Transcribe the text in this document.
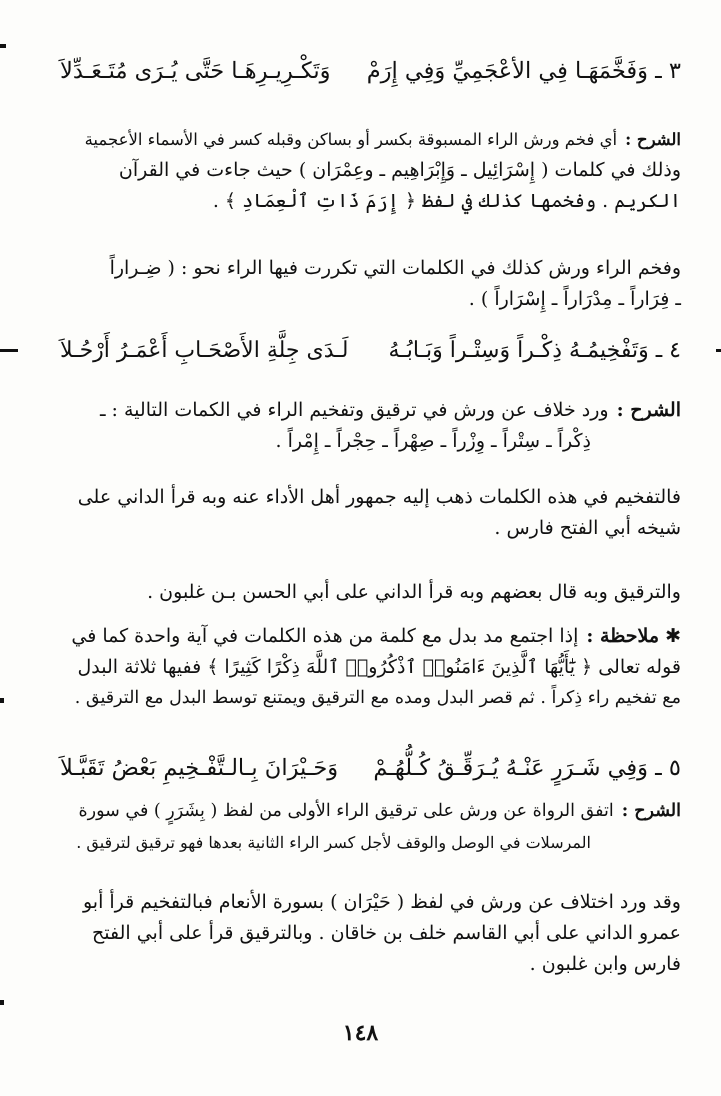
٣ ـ وَفَخَّمَهَـا فِي الأعْجَمِيِّ وَفِي إِرَمْ
وَتَكْـرِيـرِهَـا حَتَّى يُـرَى مُتَـعَـدِّلاَ
الشرح :أي فخم ورش الراء المسبوقة بكسر أو بساكن وقبله كسر في الأسماء الأعجمية
وذلك في كلمات ( إِسْرَائِيل ـ وَإِبْرَاهِيم ـ وعِمْرَان ) حيث جاءت في القرآن
الكريم . وفخمها كذلك في لفظ ﴿ إِرَمَ ذَاتِ ٱلْعِمَادِ ﴾ .
وفخم الراء ورش كذلك في الكلمات التي تكررت فيها الراء نحو : ( ضِـراراً
ـ فِرَاراً ـ مِدْرَاراً ـ إِسْرَاراً ) .
٤ ـ وَتَفْخِيمُـهُ ذِكْـراً وَسِتْـراً وَبَـابُـهُ
لَـدَى جِلَّةِ الأَصْحَـابِ أَعْمَـرُ أَرْحُـلاَ
الشرح :ورد خلاف عن ورش في ترقيق وتفخيم الراء في الكمات التالية : ـ
ذِكْراً ـ سِتْراً ـ وِزْراً ـ صِهْراً ـ حِجْراً ـ إِمْراً .
فالتفخيم في هذه الكلمات ذهب إليه جمهور أهل الأداء عنه وبه قرأ الداني على
شيخه أبي الفتح فارس .
والترقيق وبه قال بعضهم وبه قرأ الداني على أبي الحسن بـن غلبون .
✱ملاحظة :إذا اجتمع مد بدل مع كلمة من هذه الكلمات في آية واحدة كما في
قوله تعالى ﴿ يَٰٓأَيُّهَا ٱلَّذِينَ ءَامَنُوا۟ ٱذْكُرُوا۟ ٱللَّهَ ذِكْرًا كَثِيرًا ﴾ ففيها ثلاثة البدل
مع تفخيم راء ذِكراً . ثم قصر البدل ومده مع الترقيق ويمتنع توسط البدل مع الترقيق .
٥ ـ وَفِي شَـرَرٍ عَنْـهُ يُـرَقِّـقُ كُـلُّهُـمْ
وَحَـيْرَانَ بِـالـتَّفْـخِيمِ بَعْضُ تَقَبَّـلاَ
الشرح :اتفق الرواة عن ورش على ترقيق الراء الأولى من لفظ ( بِشَرَرٍ ) في سورة
المرسلات في الوصل والوقف لأجل كسر الراء الثانية بعدها فهو ترقيق لترقيق .
وقد ورد اختلاف عن ورش في لفظ ( حَيْرَان ) بسورة الأنعام فبالتفخيم قرأ أبو
عمرو الداني على أبي القاسم خلف بن خاقان . وبالترقيق قرأ على أبي الفتح
فارس وابن غلبون .
١٤٨
